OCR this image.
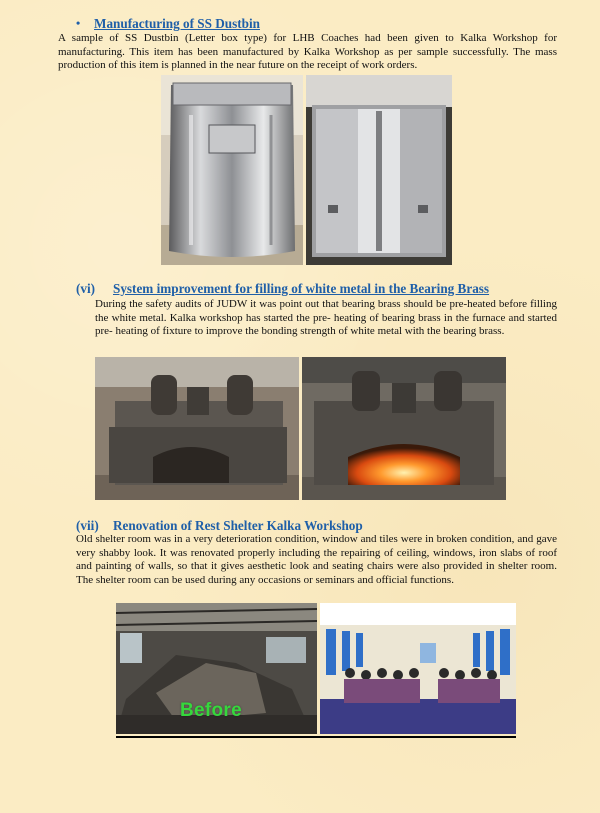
• Manufacturing of SS Dustbin
A sample of SS Dustbin (Letter box type) for LHB Coaches had been given to Kalka Workshop for manufacturing. This item has been manufactured by Kalka Workshop as per sample successfully. The mass production of this item is planned in the near future on the receipt of work orders.
(vi) System improvement for filling of white metal in the Bearing Brass
During the safety audits of JUDW it was point out that bearing brass should be pre-heated before filling the white metal. Kalka workshop has started the pre- heating of bearing brass in the furnace and started pre- heating of fixture to improve the bonding strength of white metal with the bearing brass.
(vii) Renovation of Rest Shelter Kalka Workshop
Old shelter room was in a very deterioration condition, window and tiles were in broken condition, and gave very shabby look. It was renovated properly including the repairing of ceiling, windows, iron slabs of roof and painting of walls, so that it gives aesthetic look and seating chairs were also provided in shelter room. The shelter room can be used during any occasions or seminars and official functions.
Before
